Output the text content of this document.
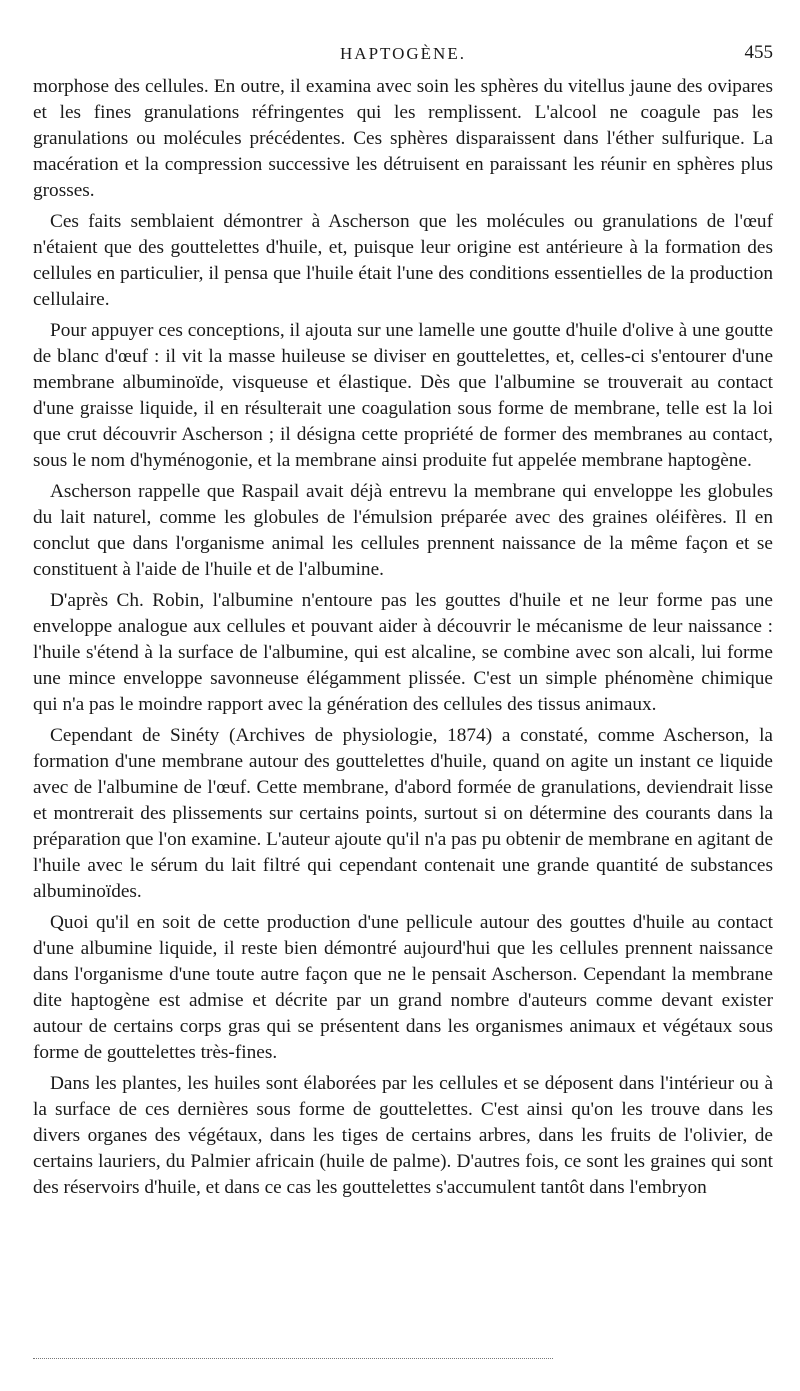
HAPTOGÈNE.	455

morphose des cellules. En outre, il examina avec soin les sphères du vitellus jaune des ovipares et les fines granulations réfringentes qui les remplissent. L'alcool ne coagule pas les granulations ou molécules précédentes. Ces sphères disparaissent dans l'éther sulfurique. La macération et la compression successive les détruisent en paraissant les réunir en sphères plus grosses.

Ces faits semblaient démontrer à Ascherson que les molécules ou granulations de l'œuf n'étaient que des gouttelettes d'huile, et, puisque leur origine est antérieure à la formation des cellules en particulier, il pensa que l'huile était l'une des conditions essentielles de la production cellulaire.

Pour appuyer ces conceptions, il ajouta sur une lamelle une goutte d'huile d'olive à une goutte de blanc d'œuf : il vit la masse huileuse se diviser en gouttelettes, et, celles-ci s'entourer d'une membrane albuminoïde, visqueuse et élastique. Dès que l'albumine se trouverait au contact d'une graisse liquide, il en résulterait une coagulation sous forme de membrane, telle est la loi que crut découvrir Ascherson ; il désigna cette propriété de former des membranes au contact, sous le nom d'hyménogonie, et la membrane ainsi produite fut appelée membrane haptogène.

Ascherson rappelle que Raspail avait déjà entrevu la membrane qui enveloppe les globules du lait naturel, comme les globules de l'émulsion préparée avec des graines oléifères. Il en conclut que dans l'organisme animal les cellules prennent naissance de la même façon et se constituent à l'aide de l'huile et de l'albumine.

D'après Ch. Robin, l'albumine n'entoure pas les gouttes d'huile et ne leur forme pas une enveloppe analogue aux cellules et pouvant aider à découvrir le mécanisme de leur naissance : l'huile s'étend à la surface de l'albumine, qui est alcaline, se combine avec son alcali, lui forme une mince enveloppe savonneuse élégamment plissée. C'est un simple phénomène chimique qui n'a pas le moindre rapport avec la génération des cellules des tissus animaux.

Cependant de Sinéty (Archives de physiologie, 1874) a constaté, comme Ascherson, la formation d'une membrane autour des gouttelettes d'huile, quand on agite un instant ce liquide avec de l'albumine de l'œuf. Cette membrane, d'abord formée de granulations, deviendrait lisse et montrerait des plissements sur certains points, surtout si on détermine des courants dans la préparation que l'on examine. L'auteur ajoute qu'il n'a pas pu obtenir de membrane en agitant de l'huile avec le sérum du lait filtré qui cependant contenait une grande quantité de substances albuminoïdes.

Quoi qu'il en soit de cette production d'une pellicule autour des gouttes d'huile au contact d'une albumine liquide, il reste bien démontré aujourd'hui que les cellules prennent naissance dans l'organisme d'une toute autre façon que ne le pensait Ascherson. Cependant la membrane dite haptogène est admise et décrite par un grand nombre d'auteurs comme devant exister autour de certains corps gras qui se présentent dans les organismes animaux et végétaux sous forme de gouttelettes très-fines.

Dans les plantes, les huiles sont élaborées par les cellules et se déposent dans l'intérieur ou à la surface de ces dernières sous forme de gouttelettes. C'est ainsi qu'on les trouve dans les divers organes des végétaux, dans les tiges de certains arbres, dans les fruits de l'olivier, de certains lauriers, du Palmier africain (huile de palme). D'autres fois, ce sont les graines qui sont des réservoirs d'huile, et dans ce cas les gouttelettes s'accumulent tantôt dans l'embryon
